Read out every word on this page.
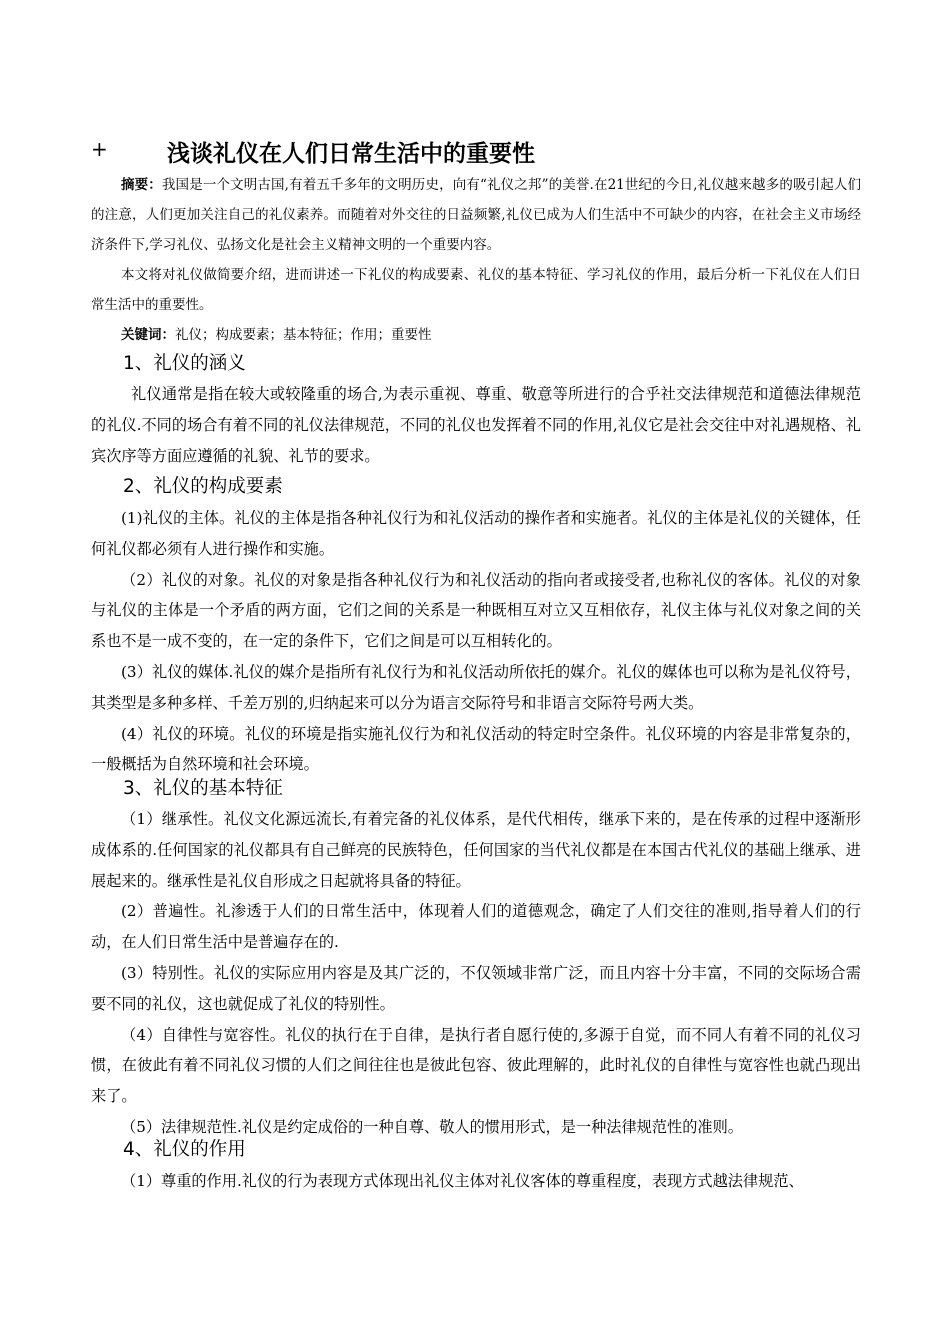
+	浅谈礼仪在人们日常生活中的重要性

摘要：我国是一个文明古国,有着五千多年的文明历史，向有“礼仪之邦”的美誉.在21世纪的今日,礼仪越来越多的吸引起人们的注意，人们更加关注自己的礼仪素养。而随着对外交往的日益频繁,礼仪已成为人们生活中不可缺少的内容，在社会主义市场经济条件下,学习礼仪、弘扬文化是社会主义精神文明的一个重要内容。

本文将对礼仪做简要介绍，进而讲述一下礼仪的构成要素、礼仪的基本特征、学习礼仪的作用，最后分析一下礼仪在人们日常生活中的重要性。

关键词：礼仪；构成要素；基本特征；作用；重要性

1、礼仪的涵义

礼仪通常是指在较大或较隆重的场合,为表示重视、尊重、敬意等所进行的合乎社交法律规范和道德法律规范的礼仪.不同的场合有着不同的礼仪法律规范，不同的礼仪也发挥着不同的作用,礼仪它是社会交往中对礼遇规格、礼宾次序等方面应遵循的礼貌、礼节的要求。

2、礼仪的构成要素

(1)礼仪的主体。礼仪的主体是指各种礼仪行为和礼仪活动的操作者和实施者。礼仪的主体是礼仪的关键体，任何礼仪都必须有人进行操作和实施。

（2）礼仪的对象。礼仪的对象是指各种礼仪行为和礼仪活动的指向者或接受者,也称礼仪的客体。礼仪的对象与礼仪的主体是一个矛盾的两方面，它们之间的关系是一种既相互对立又互相依存，礼仪主体与礼仪对象之间的关系也不是一成不变的，在一定的条件下，它们之间是可以互相转化的。

(3）礼仪的媒体.礼仪的媒介是指所有礼仪行为和礼仪活动所依托的媒介。礼仪的媒体也可以称为是礼仪符号，其类型是多种多样、千差万别的,归纳起来可以分为语言交际符号和非语言交际符号两大类。

(4）礼仪的环境。礼仪的环境是指实施礼仪行为和礼仪活动的特定时空条件。礼仪环境的内容是非常复杂的，一般概括为自然环境和社会环境。

3、礼仪的基本特征

（1）继承性。礼仪文化源远流长,有着完备的礼仪体系，是代代相传，继承下来的，是在传承的过程中逐渐形成体系的.任何国家的礼仪都具有自己鲜亮的民族特色，任何国家的当代礼仪都是在本国古代礼仪的基础上继承、进展起来的。继承性是礼仪自形成之日起就将具备的特征。

(2）普遍性。礼渗透于人们的日常生活中，体现着人们的道德观念，确定了人们交往的准则,指导着人们的行动，在人们日常生活中是普遍存在的.

(3）特别性。礼仪的实际应用内容是及其广泛的，不仅领域非常广泛，而且内容十分丰富，不同的交际场合需要不同的礼仪，这也就促成了礼仪的特别性。

（4）自律性与宽容性。礼仪的执行在于自律，是执行者自愿行使的,多源于自觉，而不同人有着不同的礼仪习惯，在彼此有着不同礼仪习惯的人们之间往往也是彼此包容、彼此理解的，此时礼仪的自律性与宽容性也就凸现出来了。

（5）法律规范性.礼仪是约定成俗的一种自尊、敬人的惯用形式，是一种法律规范性的准则。

4、礼仪的作用

（1）尊重的作用.礼仪的行为表现方式体现出礼仪主体对礼仪客体的尊重程度，表现方式越法律规范、
